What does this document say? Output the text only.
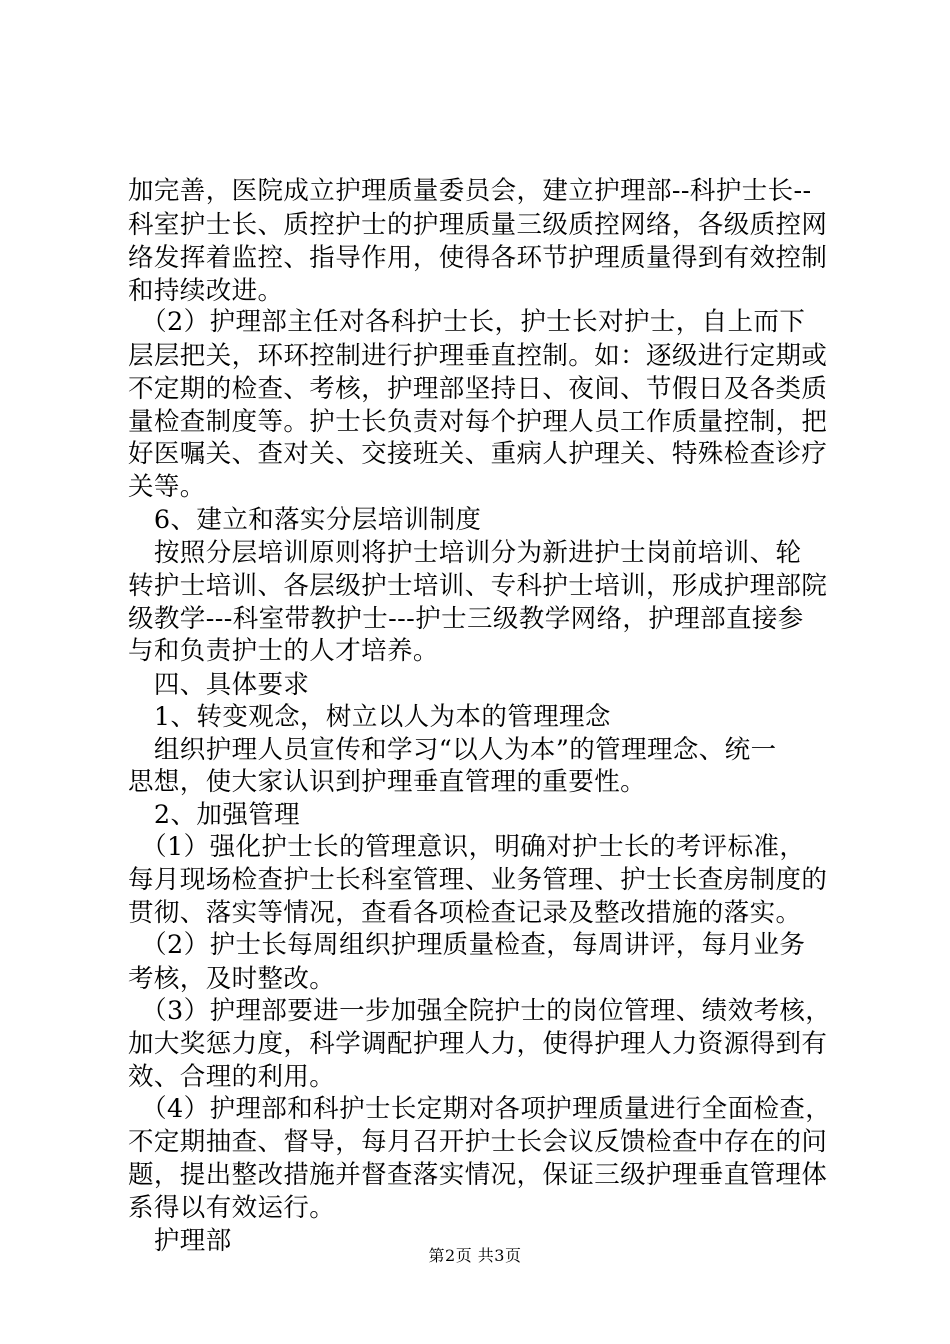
加完善，医院成立护理质量委员会，建立护理部--科护士长--
科室护士长、质控护士的护理质量三级质控网络，各级质控网
络发挥着监控、指导作用，使得各环节护理质量得到有效控制
和持续改进。
　（2）护理部主任对各科护士长，护士长对护士，自上而下
层层把关，环环控制进行护理垂直控制。如：逐级进行定期或
不定期的检查、考核，护理部坚持日、夜间、节假日及各类质
量检查制度等。护士长负责对每个护理人员工作质量控制，把
好医嘱关、查对关、交接班关、重病人护理关、特殊检查诊疗
关等。
　6、建立和落实分层培训制度
　按照分层培训原则将护士培训分为新进护士岗前培训、轮
转护士培训、各层级护士培训、专科护士培训，形成护理部院
级教学---科室带教护士---护士三级教学网络，护理部直接参
与和负责护士的人才培养。
　四、具体要求
　1、转变观念，树立以人为本的管理理念
　组织护理人员宣传和学习“以人为本”的管理理念、统一
思想，使大家认识到护理垂直管理的重要性。
　2、加强管理
　（1）强化护士长的管理意识，明确对护士长的考评标准，
每月现场检查护士长科室管理、业务管理、护士长查房制度的
贯彻、落实等情况，查看各项检查记录及整改措施的落实。
　（2）护士长每周组织护理质量检查，每周讲评，每月业务
考核，及时整改。
　（3）护理部要进一步加强全院护士的岗位管理、绩效考核，
加大奖惩力度，科学调配护理人力，使得护理人力资源得到有
效、合理的利用。
　（4）护理部和科护士长定期对各项护理质量进行全面检查，
不定期抽查、督导，每月召开护士长会议反馈检查中存在的问
题，提出整改措施并督查落实情况，保证三级护理垂直管理体
系得以有效运行。
　护理部	第2页 共3页
